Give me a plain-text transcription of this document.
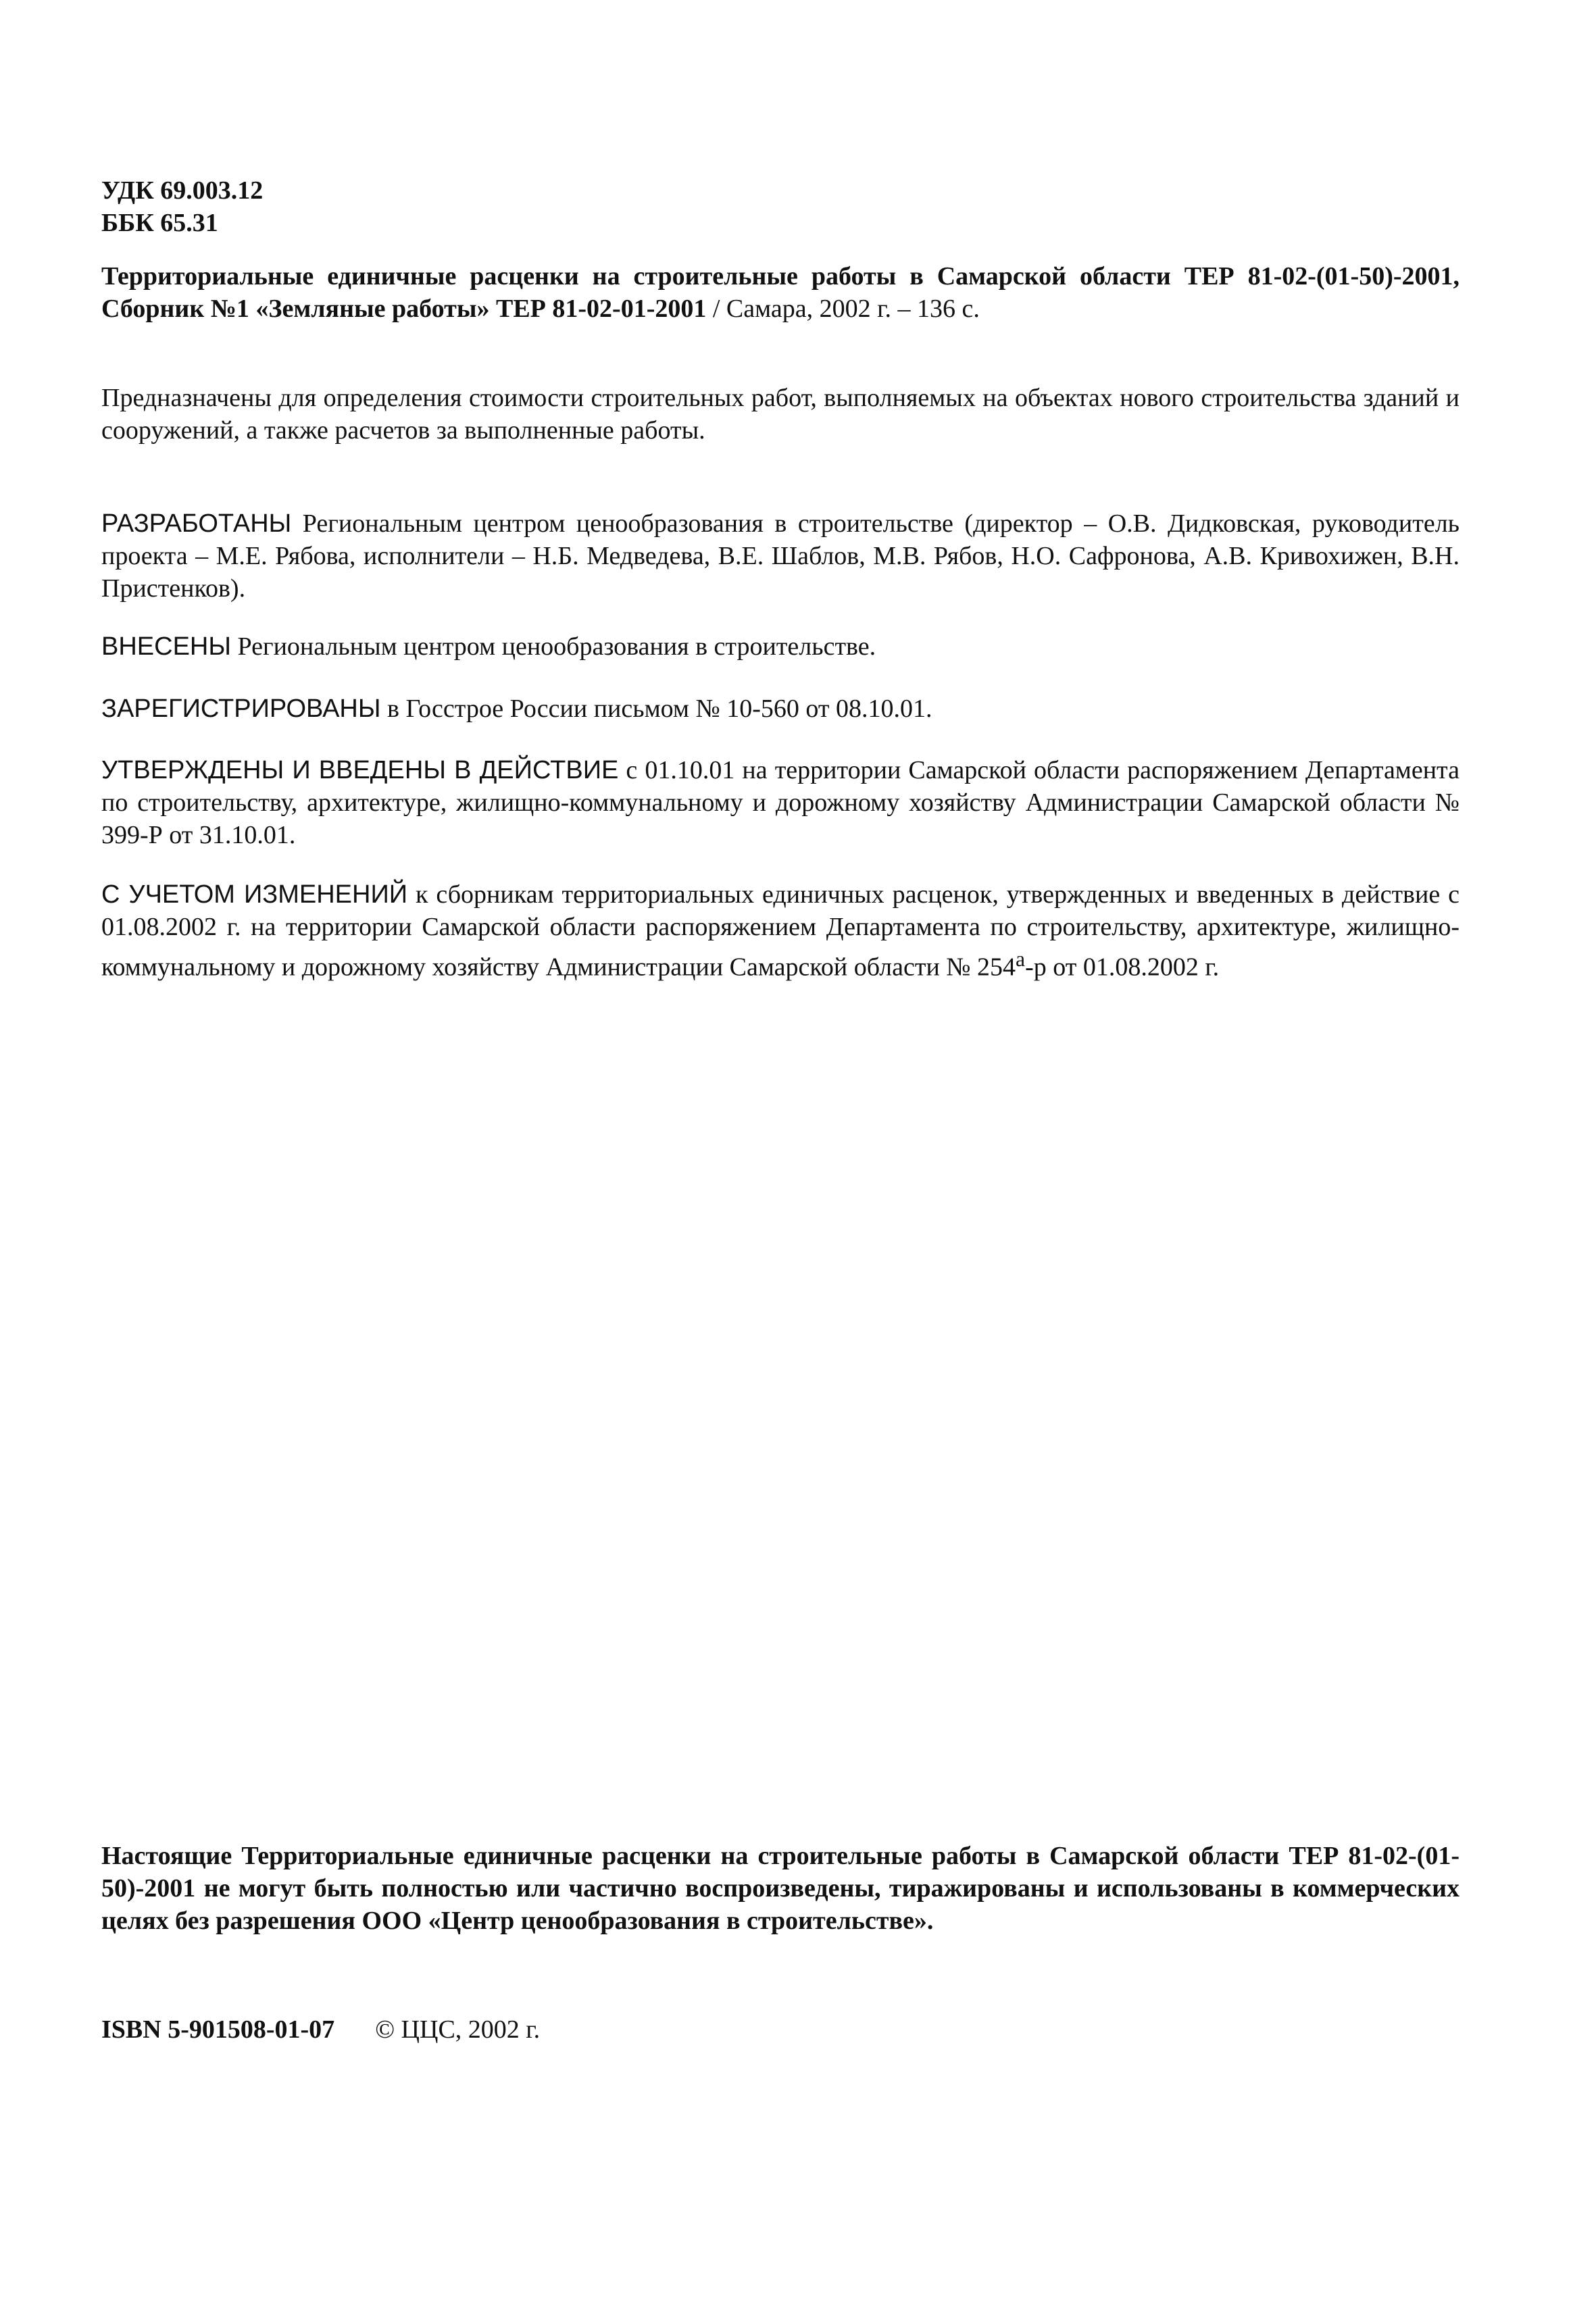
УДК 69.003.12

ББК 65.31

Территориальные единичные расценки на строительные работы в Самарской области ТЕР 81-02-(01-50)-2001, Сборник №1 «Земляные работы» ТЕР 81-02-01-2001 / Самара, 2002 г. – 136 с.

Предназначены для определения стоимости строительных работ, выполняемых на объектах нового строительства зданий и сооружений, а также расчетов за выполненные работы.

РАЗРАБОТАНЫ Региональным центром ценообразования в строительстве (директор – О.В. Дидковская, руководитель проекта – М.Е. Рябова, исполнители – Н.Б. Медведева, В.Е. Шаблов, М.В. Рябов, Н.О. Сафронова, А.В. Кривохижен, В.Н. Пристенков).

ВНЕСЕНЫ Региональным центром ценообразования в строительстве.

ЗАРЕГИСТРИРОВАНЫ в Госстрое России письмом № 10-560 от 08.10.01.

УТВЕРЖДЕНЫ И ВВЕДЕНЫ В ДЕЙСТВИЕ с 01.10.01 на территории Самарской области распоряжением Департамента по строительству, архитектуре, жилищно-коммунальному и дорожному хозяйству Администрации Самарской области № 399-Р от 31.10.01.

С УЧЕТОМ ИЗМЕНЕНИЙ к сборникам территориальных единичных расценок, утвержденных и введенных в действие с 01.08.2002 г. на территории Самарской области распоряжением Департамента по строительству, архитектуре, жилищно-коммунальному и дорожному хозяйству Администрации Самарской области № $254^а-р$ от 01.08.2002 г.

Настоящие Территориальные единичные расценки на строительные работы в Самарской области ТЕР 81-02-(01-50)-2001 не могут быть полностью или частично воспроизведены, тиражированы и использованы в коммерческих целях без разрешения ООО «Центр ценообразования в строительстве».

ISBN 5-901508-01-07 © ЦЦС, 2002 г.
